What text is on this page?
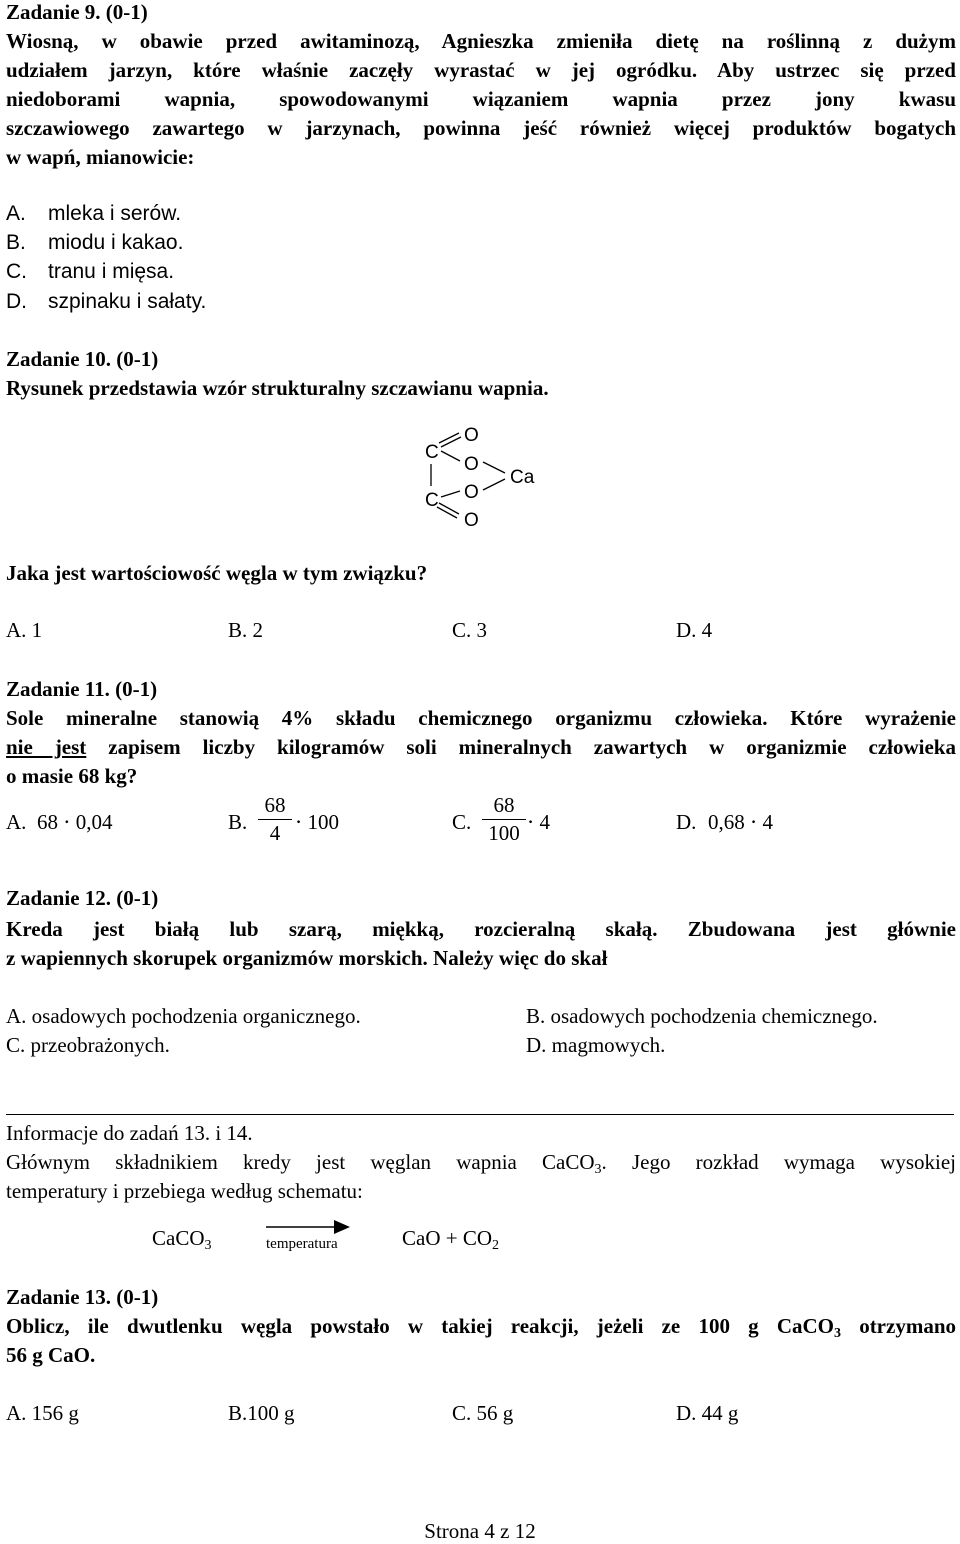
Zadanie 9. (0-1)
Wiosną, w obawie przed awitaminozą, Agnieszka zmieniła dietę na roślinną z dużym
udziałem jarzyn, które właśnie zaczęły wyrastać w jej ogródku. Aby ustrzec się przed
niedoborami wapnia, spowodowanymi wiązaniem wapnia przez jony kwasu
szczawiowego zawartego w jarzynach, powinna jeść również więcej produktów bogatych
w wapń, mianowicie:
A. mleka i serów.
B. miodu i kakao.
C. tranu i mięsa.
D. szpinaku i sałaty.
Zadanie 10. (0-1)
Rysunek przedstawia wzór strukturalny szczawianu wapnia.
C
C
O
O
O
O
Ca
Jaka jest wartościowość węgla w tym związku?
A. 1	B. 2	C. 3	D. 4
Zadanie 11. (0-1)
Sole mineralne stanowią 4% składu chemicznego organizmu człowieka. Które wyrażenie
nie jest zapisem liczby kilogramów soli mineralnych zawartych w organizmie człowieka
o masie 68 kg?
A. 68 ⋅ 0,04	B.
68
4 ⋅ 100	C.
68
100 ⋅ 4	D. 0,68 ⋅ 4
Zadanie 12. (0-1)
Kreda jest białą lub szarą, miękką, rozcieralną skałą. Zbudowana jest głównie
z wapiennych skorupek organizmów morskich. Należy więc do skał
A. osadowych pochodzenia organicznego.	B. osadowych pochodzenia chemicznego.
C. przeobrażonych.	D. magmowych.
Informacje do zadań 13. i 14.
Głównym składnikiem kredy jest węglan wapnia CaCO$_3$. Jego rozkład wymaga wysokiej
temperatury i przebiega według schematu:
CaCO$_3$	temperatura	CaO + $CO_2$
Zadanie 13. (0-1)
Oblicz, ile dwutlenku węgla powstało w takiej reakcji, jeżeli ze 100 g CaCO$_3$ otrzymano
56 g CaO.
A. 156 g	B.100 g	C. 56 g	D. 44 g
Strona 4 z 12
